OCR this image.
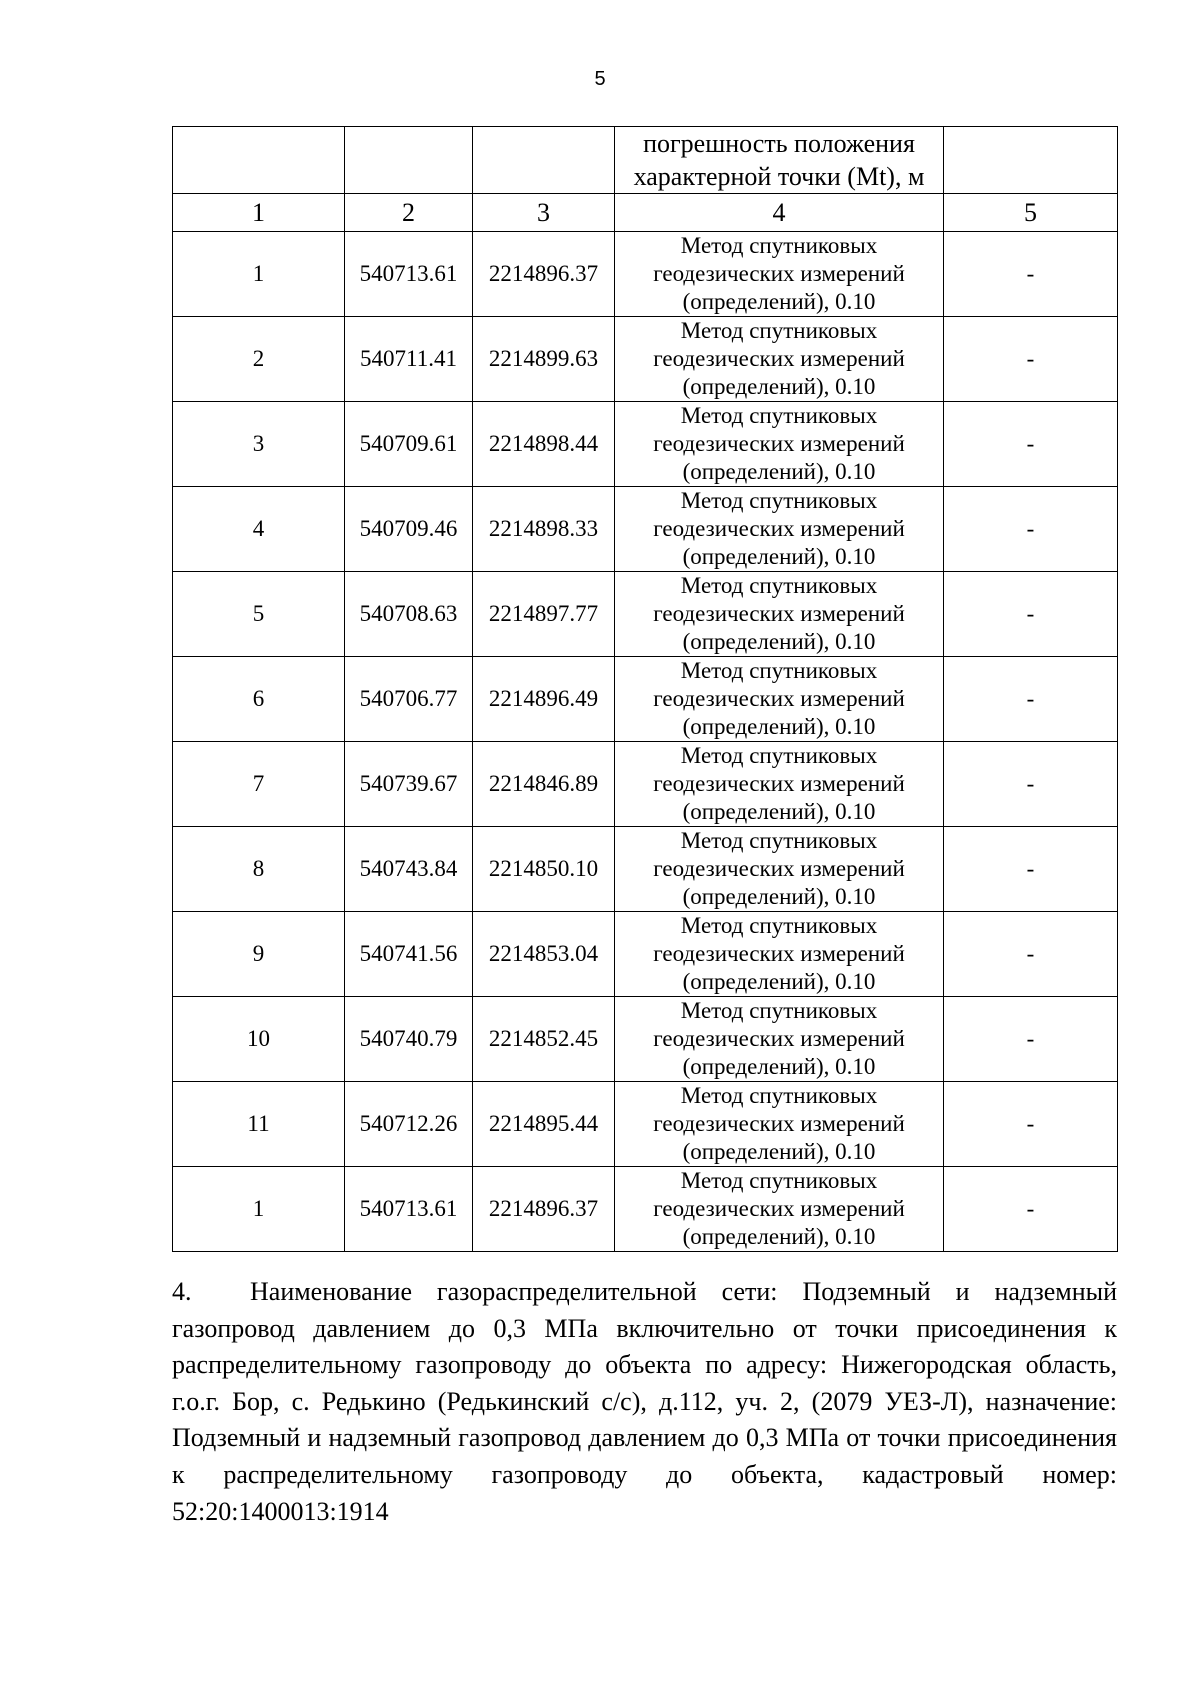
5
			погрешность положения характерной точки (Mt), м	
1	2	3	4	5
1	540713.61	2214896.37	Метод спутниковых геодезических измерений (определений), 0.10	-
2	540711.41	2214899.63	Метод спутниковых геодезических измерений (определений), 0.10	-
3	540709.61	2214898.44	Метод спутниковых геодезических измерений (определений), 0.10	-
4	540709.46	2214898.33	Метод спутниковых геодезических измерений (определений), 0.10	-
5	540708.63	2214897.77	Метод спутниковых геодезических измерений (определений), 0.10	-
6	540706.77	2214896.49	Метод спутниковых геодезических измерений (определений), 0.10	-
7	540739.67	2214846.89	Метод спутниковых геодезических измерений (определений), 0.10	-
8	540743.84	2214850.10	Метод спутниковых геодезических измерений (определений), 0.10	-
9	540741.56	2214853.04	Метод спутниковых геодезических измерений (определений), 0.10	-
10	540740.79	2214852.45	Метод спутниковых геодезических измерений (определений), 0.10	-
11	540712.26	2214895.44	Метод спутниковых геодезических измерений (определений), 0.10	-
1	540713.61	2214896.37	Метод спутниковых геодезических измерений (определений), 0.10	-
4. Наименование газораспределительной сети: Подземный и надземный газопровод давлением до 0,3 МПа включительно от точки присоединения к распределительному газопроводу до объекта по адресу: Нижегородская область, г.о.г. Бор, с. Редькино (Редькинский с/с), д.112, уч. 2, (2079 УЕЗ-Л), назначение: Подземный и надземный газопровод давлением до 0,3 МПа от точки присоединения к распределительному газопроводу до объекта, кадастровый номер: 52:20:1400013:1914
